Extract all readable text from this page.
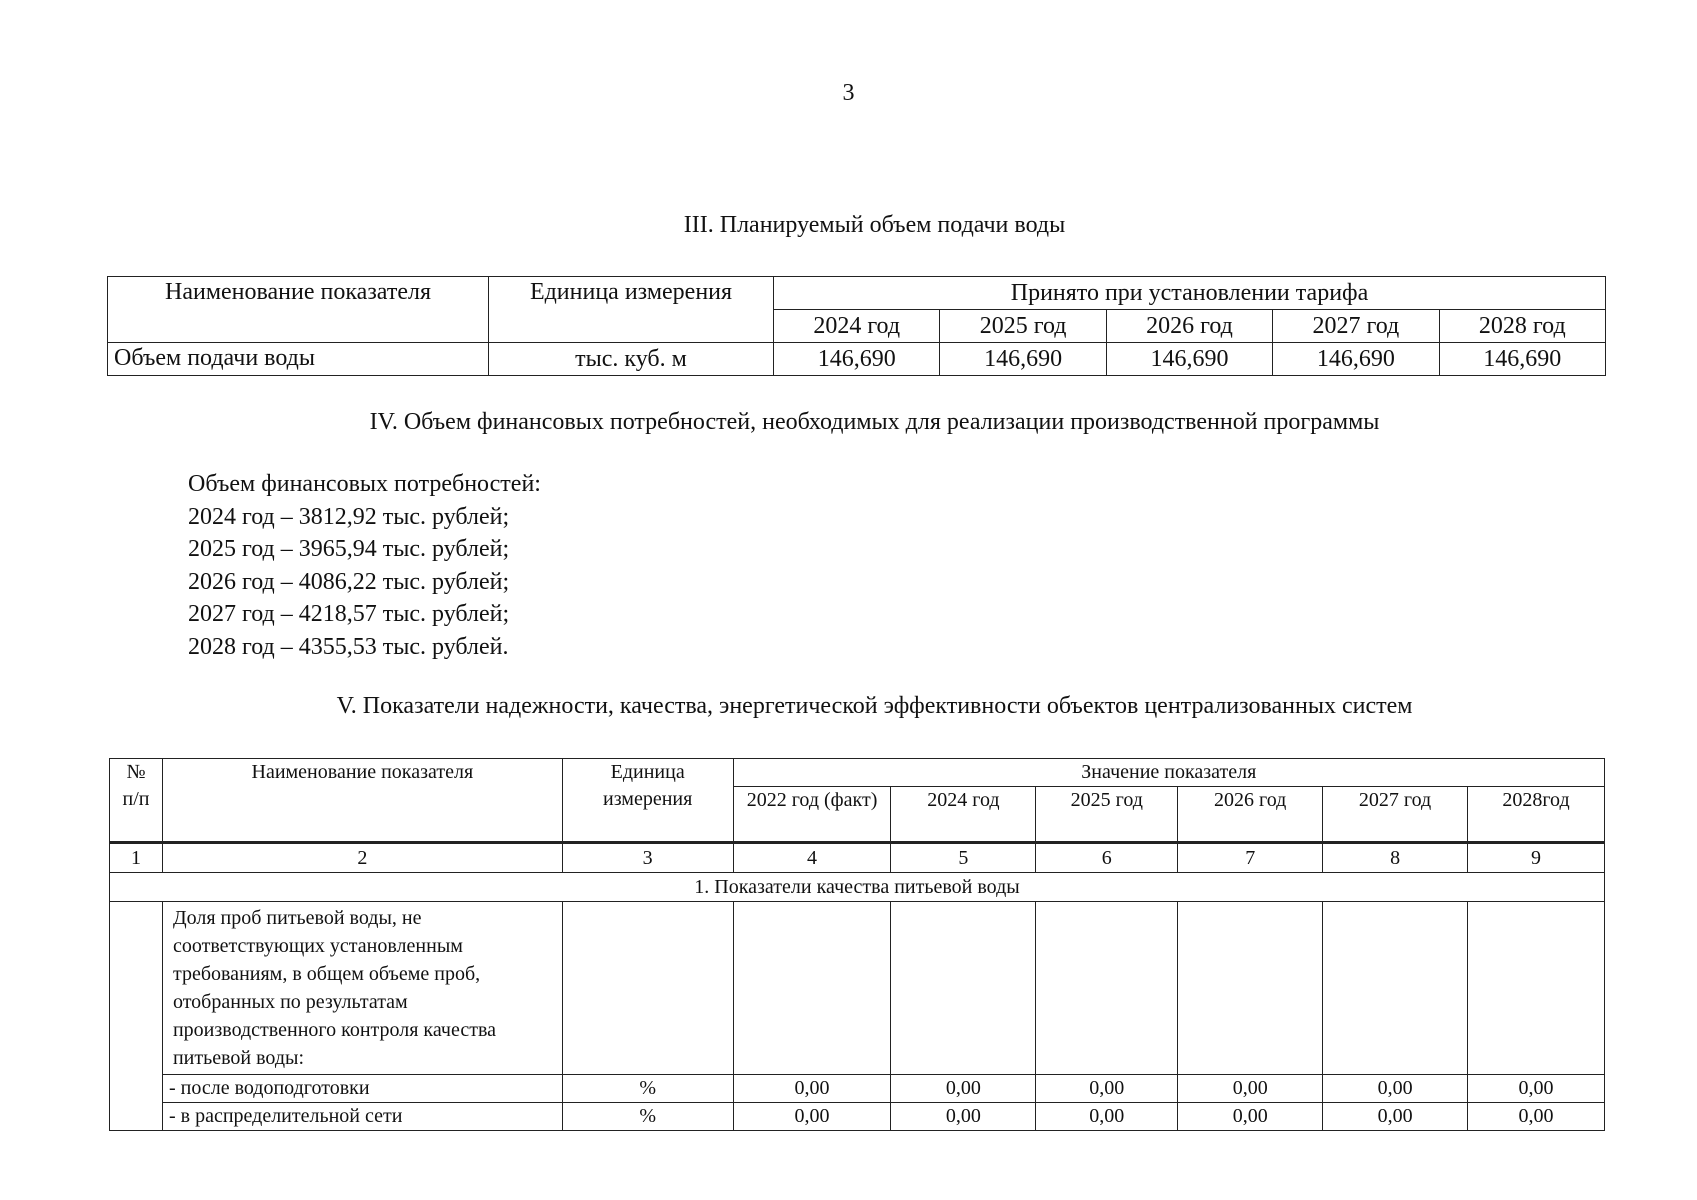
3
III. Планируемый объем подачи воды
Наименование показателя	Единица измерения	Принято при установлении тарифа				
		2024 год	2025 год	2026 год	2027 год	2028 год
Объем подачи воды	тыс. куб. м	146,690	146,690	146,690	146,690	146,690
IV. Объем финансовых потребностей, необходимых для реализации производственной программы
Объем финансовых потребностей:
2024 год – 3812,92 тыс. рублей;
2025 год – 3965,94 тыс. рублей;
2026 год – 4086,22 тыс. рублей;
2027 год – 4218,57 тыс. рублей;
2028 год – 4355,53 тыс. рублей.
V. Показатели надежности, качества, энергетической эффективности объектов централизованных систем
№ п/п	Наименование показателя	Единица измерения	Значение показателя					
			2022 год (факт)	2024 год	2025 год	2026 год	2027 год	2028год
1	2	3	4	5	6	7	8	9
1. Показатели качества питьевой воды								
	Доля проб питьевой воды, не соответствующих установленным требованиям, в общем объеме проб, отобранных по результатам производственного контроля качества питьевой воды:							
	- после водоподготовки	%	0,00	0,00	0,00	0,00	0,00	0,00
	- в распределительной сети	%	0,00	0,00	0,00	0,00	0,00	0,00
